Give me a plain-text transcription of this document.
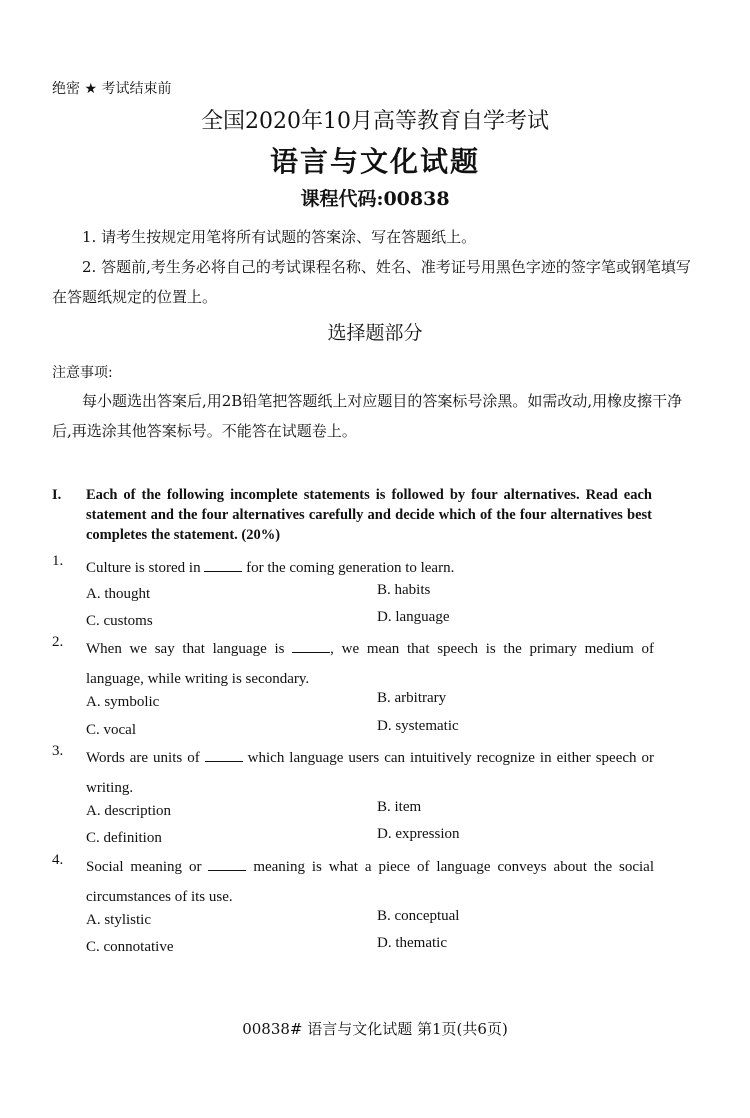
绝密 ★ 考试结束前
全国2020年10月高等教育自学考试
语言与文化试题
课程代码:00838
1. 请考生按规定用笔将所有试题的答案涂、写在答题纸上。
2. 答题前,考生务必将自己的考试课程名称、姓名、准考证号用黑色字迹的签字笔或钢笔填写在答题纸规定的位置上。
选择题部分
注意事项:
每小题选出答案后,用2B铅笔把答题纸上对应题目的答案标号涂黑。如需改动,用橡皮擦干净后,再选涂其他答案标号。不能答在试题卷上。
I. Each of the following incomplete statements is followed by four alternatives. Read each statement and the four alternatives carefully and decide which of the four alternatives best completes the statement. (20%)
1. Culture is stored in	for the coming generation to learn.
A. thought	B. habits
C. customs	D. language
2. When we say that language is	, we mean that speech is the primary medium of language, while writing is secondary.
A. symbolic	B. arbitrary
C. vocal	D. systematic
3. Words are units of	which language users can intuitively recognize in either speech or writing.
A. description	B. item
C. definition	D. expression
4. Social meaning or	meaning is what a piece of language conveys about the social circumstances of its use.
A. stylistic	B. conceptual
C. connotative	D. thematic
00838# 语言与文化试题 第1页(共6页)
